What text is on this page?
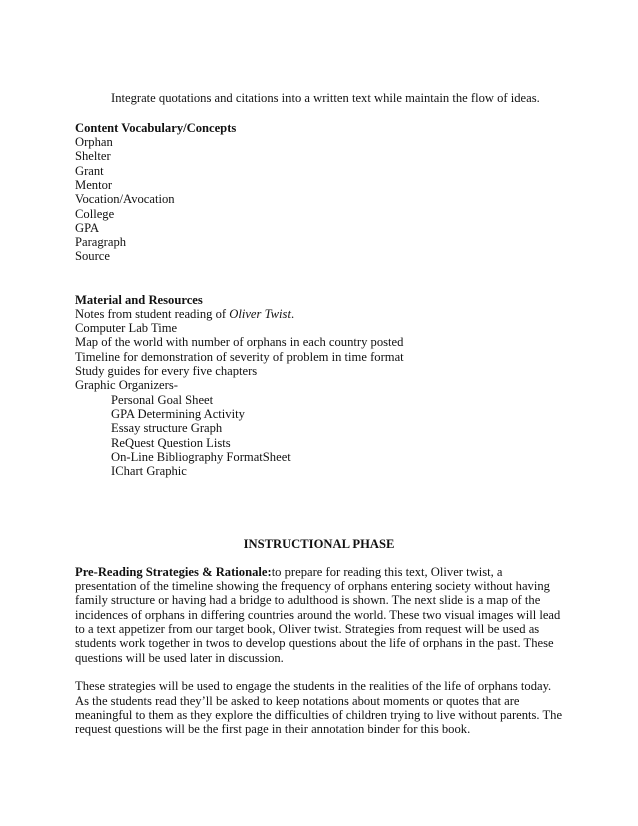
Integrate quotations and citations into a written text while maintain the flow of ideas.
Content Vocabulary/Concepts
Orphan
Shelter
Grant
Mentor
Vocation/Avocation
College
GPA
Paragraph
Source
Material and Resources
Notes from student reading of Oliver Twist.
Computer Lab Time
Map of the world with number of orphans in each country posted
Timeline for demonstration of severity of problem in time format
Study guides for every five chapters
Graphic Organizers-
Personal Goal Sheet
GPA Determining Activity
Essay structure Graph
ReQuest Question Lists
On-Line Bibliography FormatSheet
IChart Graphic
INSTRUCTIONAL PHASE
Pre-Reading Strategies & Rationale:to prepare for reading this text, Oliver twist, a
presentation of the timeline showing the frequency of orphans entering society without having
family structure or having had a bridge to adulthood is shown. The next slide is a map of the
incidences of orphans in differing countries around the world. These two visual images will lead
to a text appetizer from our target book, Oliver twist. Strategies from request will be used as
students work together in twos to develop questions about the life of orphans in the past. These
questions will be used later in discussion.
These strategies will be used to engage the students in the realities of the life of orphans today.
As the students read they’ll be asked to keep notations about moments or quotes that are
meaningful to them as they explore the difficulties of children trying to live without parents. The
request questions will be the first page in their annotation binder for this book.
